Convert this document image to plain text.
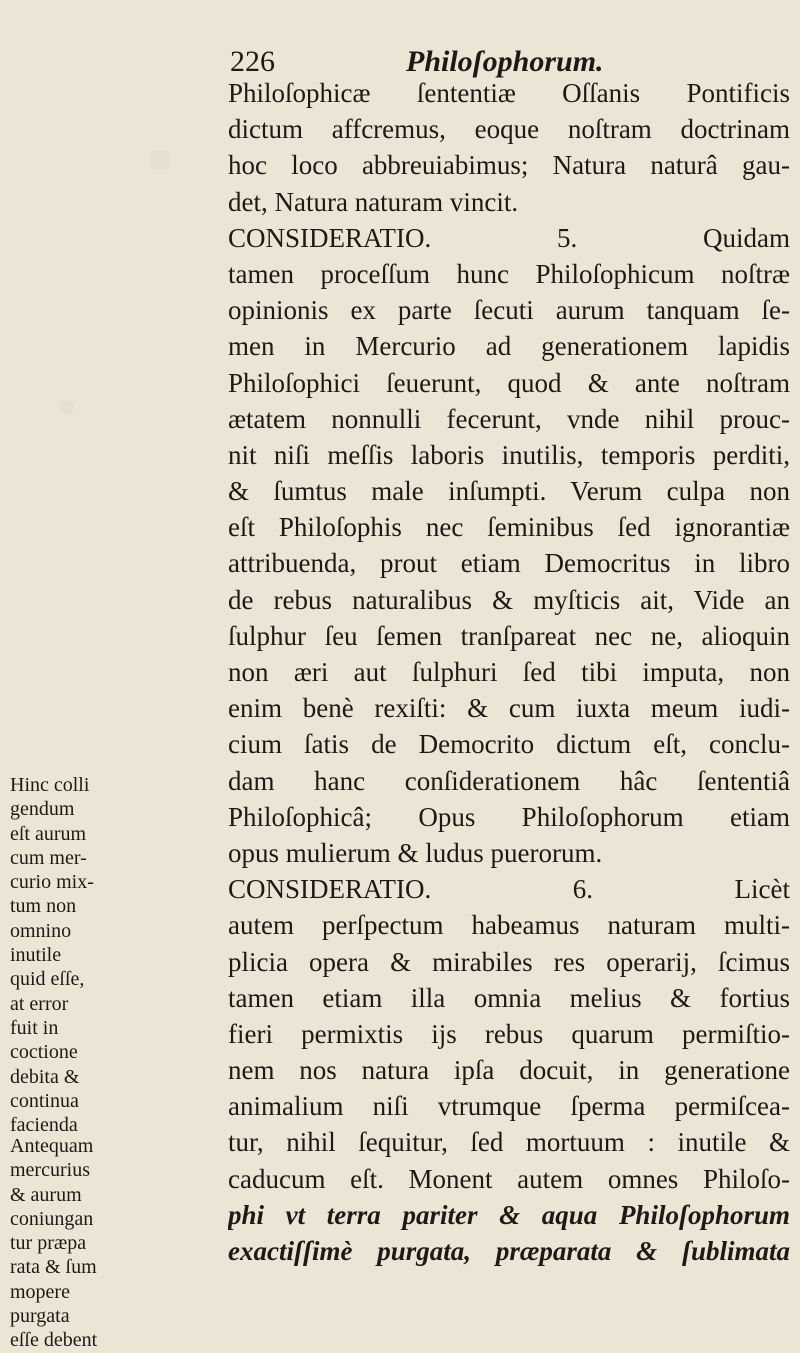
226	Philoſophorum.
Philoſophicæ ſententiæ Oſſanis Pontificis
dictum affcremus, eoque noſtram doctrinam
hoc loco abbreuiabimus; Natura naturâ gau-
det, Natura naturam vincit.
CONSIDERATIO. 5. Quidam
tamen proceſſum hunc Philoſophicum noſtræ
opinionis ex parte ſecuti aurum tanquam ſe-
men in Mercurio ad generationem lapidis
Philoſophici ſeuerunt, quod & ante noſtram
ætatem nonnulli fecerunt, vnde nihil prouc-
nit niſi meſſis laboris inutilis, temporis perditi,
& ſumtus male inſumpti. Verum culpa non
eſt Philoſophis nec ſeminibus ſed ignorantiæ
attribuenda, prout etiam Democritus in libro
de rebus naturalibus & myſticis ait, Vide an
ſulphur ſeu ſemen tranſpareat nec ne, alioquin
non æri aut ſulphuri ſed tibi imputa, non
enim benè rexiſti: & cum iuxta meum iudi-
cium ſatis de Democrito dictum eſt, conclu-
dam hanc conſiderationem hâc ſententiâ
Philoſophicâ; Opus Philoſophorum etiam
opus mulierum & ludus puerorum.
CONSIDERATIO. 6. Licèt
autem perſpectum habeamus naturam multi-
plicia opera & mirabiles res operarij, ſcimus
tamen etiam illa omnia melius & fortius
fieri permixtis ijs rebus quarum permiſtio-
nem nos natura ipſa docuit, in generatione
animalium niſi vtrumque ſperma permiſcea-
tur, nihil ſequitur, ſed mortuum : inutile &
caducum eſt. Monent autem omnes Philoſo-
phi vt terra pariter & aqua Philoſophorum
exactiſſimè purgata, præparata & ſublimata
Hinc colli
gendum
eſt aurum
cum mer-
curio mix-
tum non
omnino
inutile
quid eſſe,
at error
fuit in
coctione
debita &
continua
facienda
Antequam
mercurius
& aurum
coniungan
tur præpa
rata & ſum
mopere
purgata
eſſe debent
